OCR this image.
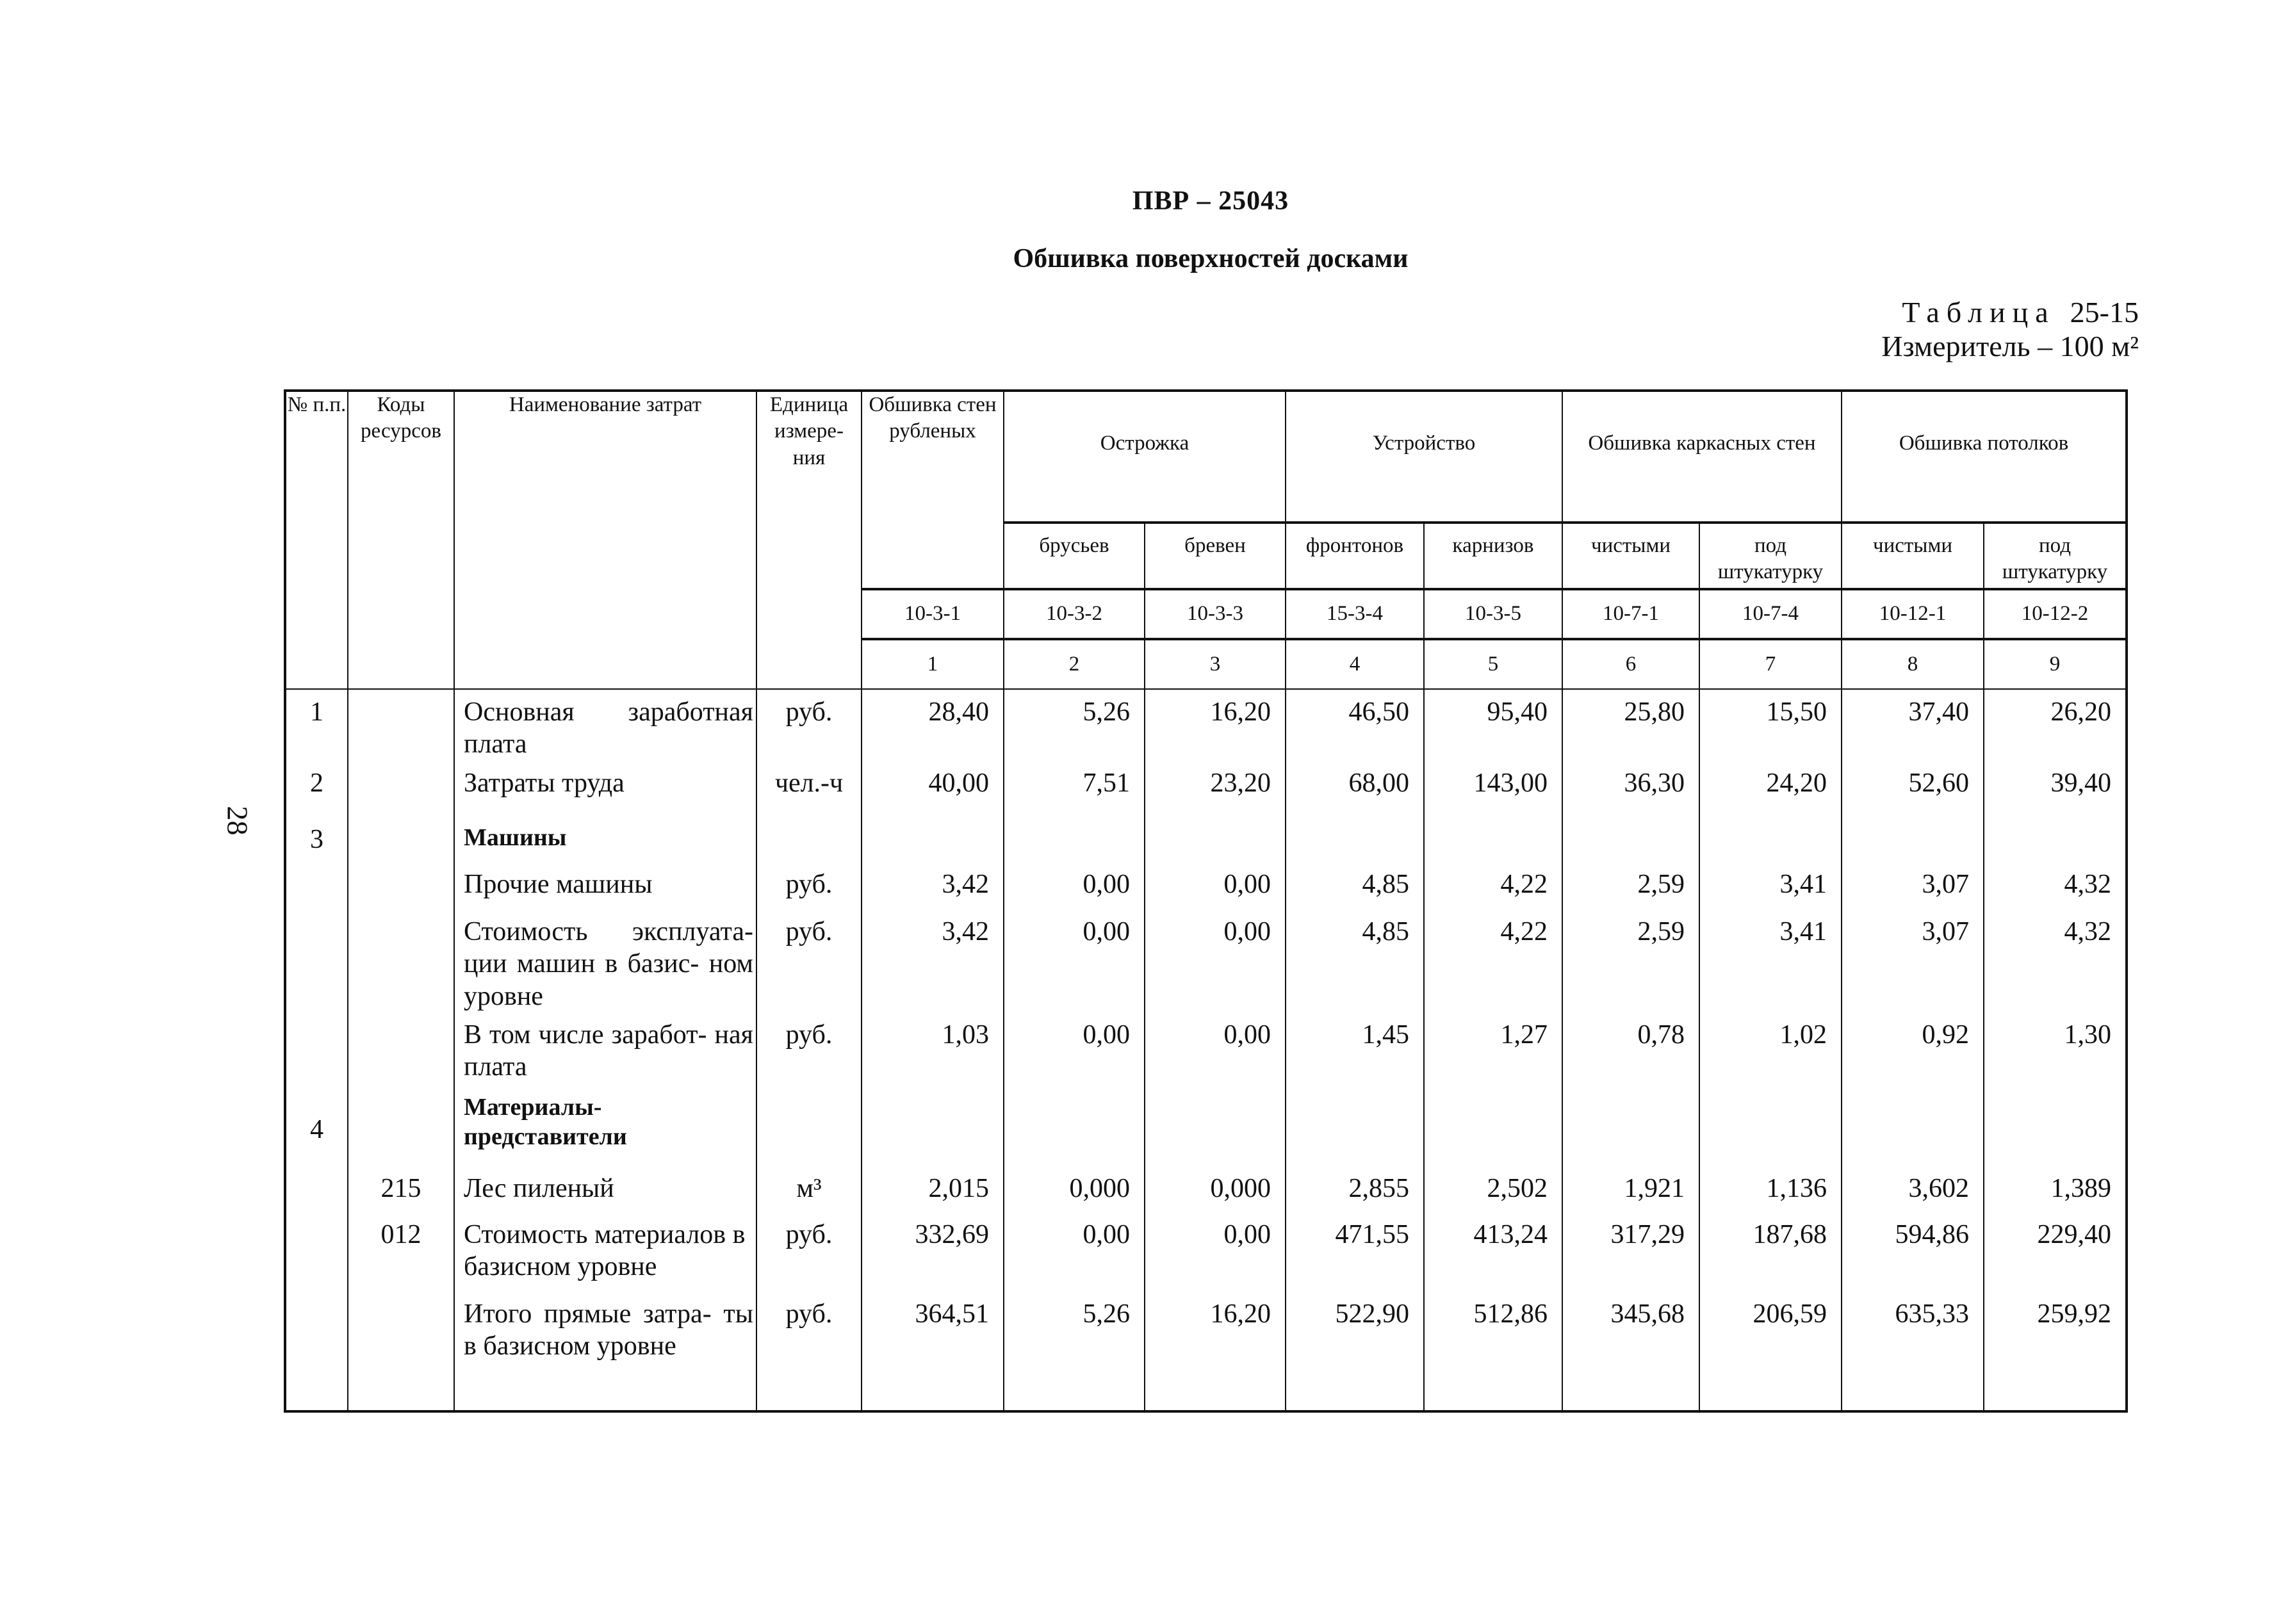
ПВР – 25043
Обшивка поверхностей досками
Таблица 25-15
Измеритель – 100 м²
28
№ п.п.	Коды ресурсов	Наименование затрат	Единица измере- ния	Обшивка стен рубленых	Острожка		Устройство		Обшивка каркасных стен		Обшивка потолков	
					брусьев	бревен	фронтонов	карнизов	чистыми	под штукатурку	чистыми	под штукатурку
				10-3-1	10-3-2	10-3-3	15-3-4	10-3-5	10-7-1	10-7-4	10-12-1	10-12-2
				1	2	3	4	5	6	7	8	9
1		Основная заработная плата	руб.	28,40	5,26	16,20	46,50	95,40	25,80	15,50	37,40	26,20
2		Затраты труда	чел.-ч	40,00	7,51	23,20	68,00	143,00	36,30	24,20	52,60	39,40
3		Машины										
		Прочие машины	руб.	3,42	0,00	0,00	4,85	4,22	2,59	3,41	3,07	4,32
		Стоимость эксплуата- ции машин в базис- ном уровне	руб.	3,42	0,00	0,00	4,85	4,22	2,59	3,41	3,07	4,32
		В том числе заработ- ная плата	руб.	1,03	0,00	0,00	1,45	1,27	0,78	1,02	0,92	1,30
4		Материалы- представители										
	215	Лес пиленый	м³	2,015	0,000	0,000	2,855	2,502	1,921	1,136	3,602	1,389
	012	Стоимость материалов в базисном уровне	руб.	332,69	0,00	0,00	471,55	413,24	317,29	187,68	594,86	229,40
		Итого прямые затра- ты в базисном уровне	руб.	364,51	5,26	16,20	522,90	512,86	345,68	206,59	635,33	259,92
